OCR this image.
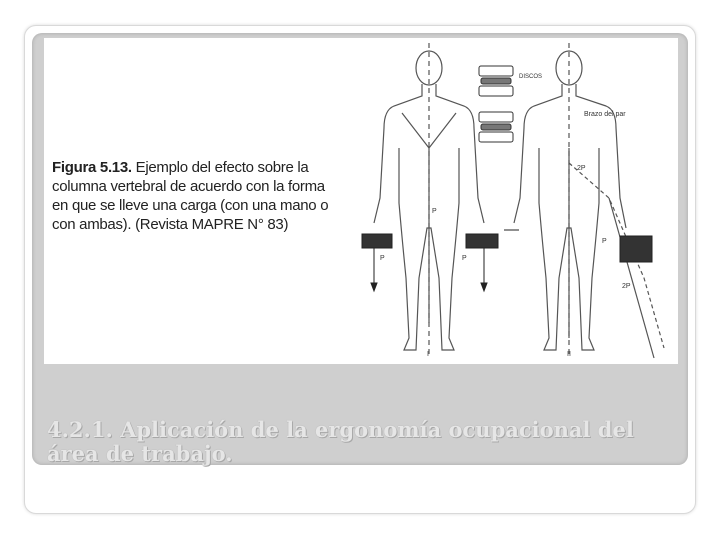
Figura 5.13. Ejemplo del efecto sobre la columna vertebral de acuerdo con la forma en que se lleve una carga (con una mano o con ambas). (Revista MAPRE N° 83)
P	P
P
I
DISCOS
Brazo del par
2P
P
2P
II
4.2.1. Aplicación de la ergonomía ocupacional del área de trabajo.
